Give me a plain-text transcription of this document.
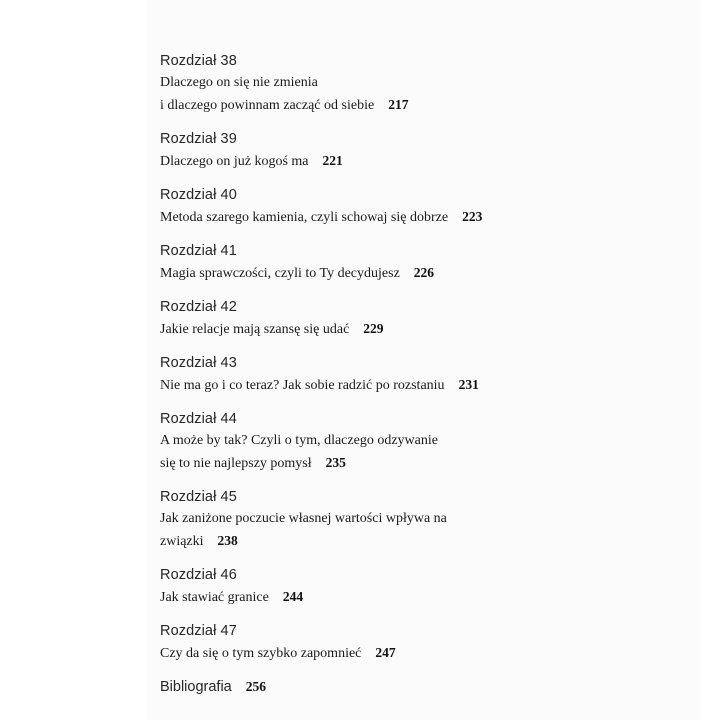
Rozdział 38
Dlaczego on się nie zmienia
i dlaczego powinnam zacząć od siebie 217
Rozdział 39
Dlaczego on już kogoś ma 221
Rozdział 40
Metoda szarego kamienia, czyli schowaj się dobrze 223
Rozdział 41
Magia sprawczości, czyli to Ty decydujesz 226
Rozdział 42
Jakie relacje mają szansę się udać 229
Rozdział 43
Nie ma go i co teraz? Jak sobie radzić po rozstaniu 231
Rozdział 44
A może by tak? Czyli o tym, dlaczego odzywanie
się to nie najlepszy pomysł 235
Rozdział 45
Jak zaniżone poczucie własnej wartości wpływa na
związki 238
Rozdział 46
Jak stawiać granice 244
Rozdział 47
Czy da się o tym szybko zapomnieć 247
Bibliografia 256
